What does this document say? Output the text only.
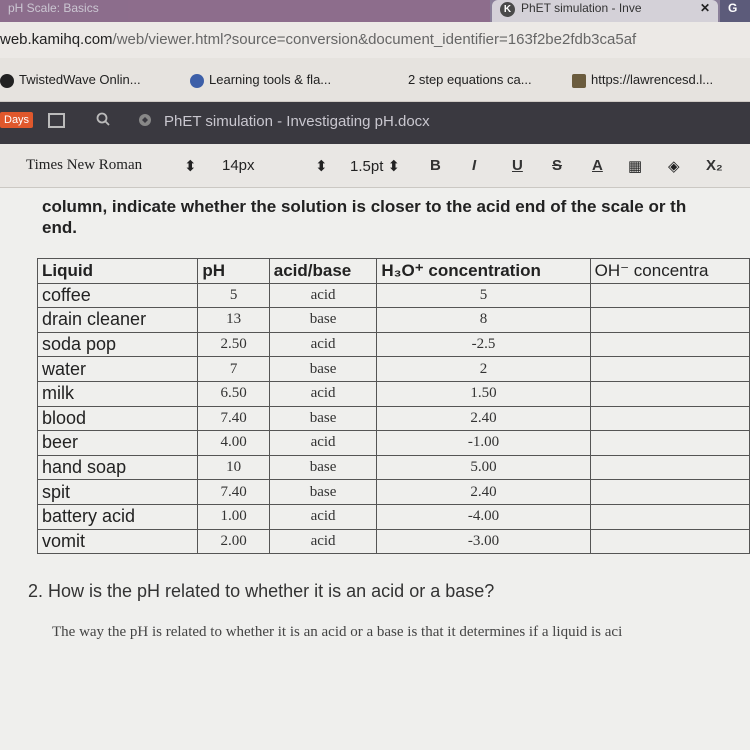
pH Scale: Basics	K PhET simulation - Inve	✕	G
web.kamihq.com/web/viewer.html?source=conversion&document_identifier=163f2be2fdb3ca5af
TwistedWave Onlin...	Learning tools & fla...	2 step equations ca...	https://lawrencesd.l...
Days	PhET simulation - Investigating pH.docx
Times New Roman	⬍ 14px	⬍ 1.5pt ⬍ B I U S A ▦ ◈ X₂
column, indicate whether the solution is closer to the acid end of the scale or th
end.
Liquid	pH	acid/base	H₃O⁺ concentration	OH⁻ concentra
coffee	5	acid	5	
drain cleaner	13	base	8	
soda pop	2.50	acid	-2.5	
water	7	base	2	
milk	6.50	acid	1.50	
blood	7.40	base	2.40	
beer	4.00	acid	-1.00	
hand soap	10	base	5.00	
spit	7.40	base	2.40	
battery acid	1.00	acid	-4.00	
vomit	2.00	acid	-3.00	
2. How is the pH related to whether it is an acid or a base?
The way the pH is related to whether it is an acid or a base is that it determines if a liquid is aci
